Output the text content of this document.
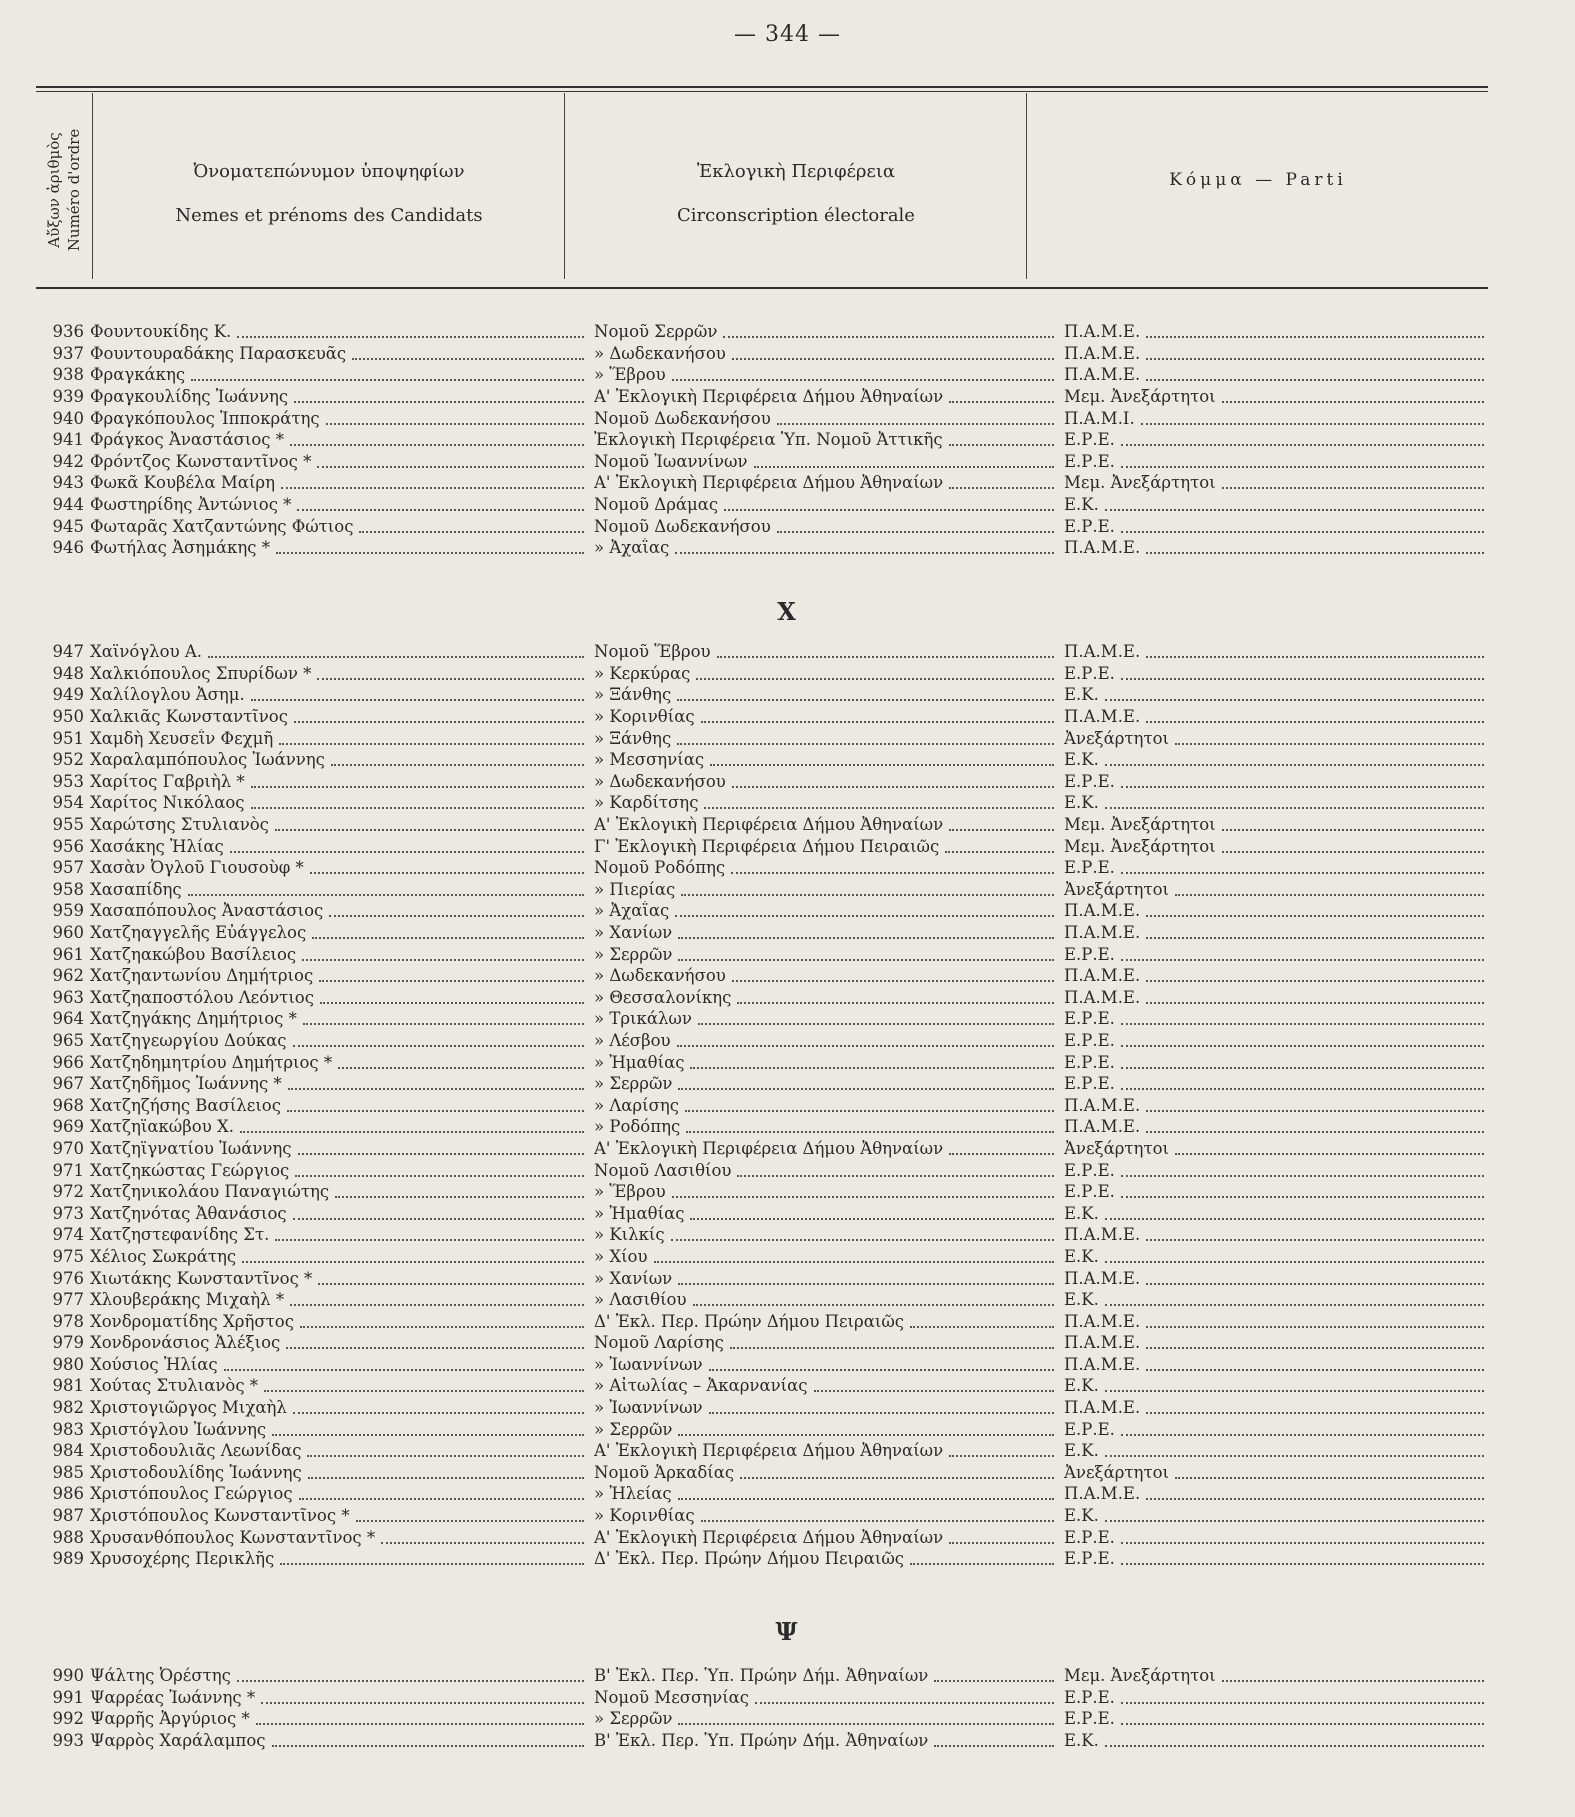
— 344 —
Αὔξων ἀριθμὸς Numéro d'ordre	Ὀνοματεπώνυμον ὑποψηφίων
Nemes et prénoms des Candidats
Ἐκλογικὴ Περιφέρεια
Circonscription électorale
Κόμμα — Parti
936 Φουντουκίδης Κ.	Νομοῦ Σερρῶν	Π.Α.Μ.Ε.
937 Φουντουραδάκης Παρασκευᾶς	» Δωδεκανήσου	Π.Α.Μ.Ε.
938 Φραγκάκης	» Ἕβρου	Π.Α.Μ.Ε.
939 Φραγκουλίδης Ἰωάννης	Α' Ἐκλογικὴ Περιφέρεια Δήμου Ἀθηναίων	Μεμ. Ἀνεξάρτητοι
940 Φραγκόπουλος Ἱπποκράτης	Νομοῦ Δωδεκανήσου	Π.Α.Μ.Ι.
941 Φράγκος Ἀναστάσιος *	Ἐκλογικὴ Περιφέρεια Ὑπ. Νομοῦ Ἀττικῆς	Ε.Ρ.Ε.
942 Φρόντζος Κωνσταντῖνος *	Νομοῦ Ἰωαννίνων	Ε.Ρ.Ε.
943 Φωκᾶ Κουβέλα Μαίρη	Α' Ἐκλογικὴ Περιφέρεια Δήμου Ἀθηναίων	Μεμ. Ἀνεξάρτητοι
944 Φωστηρίδης Ἀντώνιος *	Νομοῦ Δράμας	Ε.Κ.
945 Φωταρᾶς Χατζαντώνης Φώτιος	Νομοῦ Δωδεκανήσου	Ε.Ρ.Ε.
946 Φωτήλας Ἀσημάκης *	» Ἀχαΐας	Π.Α.Μ.Ε.
Χ
947 Χαϊνόγλου Α.	Νομοῦ Ἕβρου	Π.Α.Μ.Ε.
948 Χαλκιόπουλος Σπυρίδων *	» Κερκύρας	Ε.Ρ.Ε.
949 Χαλίλογλου Ἀσημ.	» Ξάνθης	Ε.Κ.
950 Χαλκιᾶς Κωνσταντῖνος	» Κορινθίας	Π.Α.Μ.Ε.
951 Χαμδὴ Χευσεΐν Φεχμῆ	» Ξάνθης	Ἀνεξάρτητοι
952 Χαραλαμπόπουλος Ἰωάννης	» Μεσσηνίας	Ε.Κ.
953 Χαρίτος Γαβριὴλ *	» Δωδεκανήσου	Ε.Ρ.Ε.
954 Χαρίτος Νικόλαος	» Καρδίτσης	Ε.Κ.
955 Χαρώτσης Στυλιανὸς	Α' Ἐκλογικὴ Περιφέρεια Δήμου Ἀθηναίων	Μεμ. Ἀνεξάρτητοι
956 Χασάκης Ἠλίας	Γ' Ἐκλογικὴ Περιφέρεια Δήμου Πειραιῶς	Μεμ. Ἀνεξάρτητοι
957 Χασὰν Ὀγλοῦ Γιουσοὺφ *	Νομοῦ Ροδόπης	Ε.Ρ.Ε.
958 Χασαπίδης	» Πιερίας	Ἀνεξάρτητοι
959 Χασαπόπουλος Ἀναστάσιος	» Ἀχαΐας	Π.Α.Μ.Ε.
960 Χατζηαγγελῆς Εὐάγγελος	» Χανίων	Π.Α.Μ.Ε.
961 Χατζηακώβου Βασίλειος	» Σερρῶν	Ε.Ρ.Ε.
962 Χατζηαντωνίου Δημήτριος	» Δωδεκανήσου	Π.Α.Μ.Ε.
963 Χατζηαποστόλου Λεόντιος	» Θεσσαλονίκης	Π.Α.Μ.Ε.
964 Χατζηγάκης Δημήτριος *	» Τρικάλων	Ε.Ρ.Ε.
965 Χατζηγεωργίου Δούκας	» Λέσβου	Ε.Ρ.Ε.
966 Χατζηδημητρίου Δημήτριος *	» Ἠμαθίας	Ε.Ρ.Ε.
967 Χατζηδῆμος Ἰωάννης *	» Σερρῶν	Ε.Ρ.Ε.
968 Χατζηζήσης Βασίλειος	» Λαρίσης	Π.Α.Μ.Ε.
969 Χατζηϊακώβου Χ.	» Ροδόπης	Π.Α.Μ.Ε.
970 Χατζηϊγνατίου Ἰωάννης	Α' Ἐκλογικὴ Περιφέρεια Δήμου Ἀθηναίων	Ἀνεξάρτητοι
971 Χατζηκώστας Γεώργιος	Νομοῦ Λασιθίου	Ε.Ρ.Ε.
972 Χατζηνικολάου Παναγιώτης	» Ἕβρου	Ε.Ρ.Ε.
973 Χατζηνότας Ἀθανάσιος	» Ἠμαθίας	Ε.Κ.
974 Χατζηστεφανίδης Στ.	» Κιλκίς	Π.Α.Μ.Ε.
975 Χέλιος Σωκράτης	» Χίου	Ε.Κ.
976 Χιωτάκης Κωνσταντῖνος *	» Χανίων	Π.Α.Μ.Ε.
977 Χλουβεράκης Μιχαὴλ *	» Λασιθίου	Ε.Κ.
978 Χονδροματίδης Χρῆστος	Δ' Ἐκλ. Περ. Πρώην Δήμου Πειραιῶς	Π.Α.Μ.Ε.
979 Χονδρονάσιος Ἀλέξιος	Νομοῦ Λαρίσης	Π.Α.Μ.Ε.
980 Χούσιος Ἠλίας	» Ἰωαννίνων	Π.Α.Μ.Ε.
981 Χούτας Στυλιανὸς *	» Αἰτωλίας – Ἀκαρνανίας	Ε.Κ.
982 Χριστογιῶργος Μιχαὴλ	» Ἰωαννίνων	Π.Α.Μ.Ε.
983 Χριστόγλου Ἰωάννης	» Σερρῶν	Ε.Ρ.Ε.
984 Χριστοδουλιᾶς Λεωνίδας	Α' Ἐκλογικὴ Περιφέρεια Δήμου Ἀθηναίων	Ε.Κ.
985 Χριστοδουλίδης Ἰωάννης	Νομοῦ Ἀρκαδίας	Ἀνεξάρτητοι
986 Χριστόπουλος Γεώργιος	» Ἠλείας	Π.Α.Μ.Ε.
987 Χριστόπουλος Κωνσταντῖνος *	» Κορινθίας	Ε.Κ.
988 Χρυσανθόπουλος Κωνσταντῖνος *	Α' Ἐκλογικὴ Περιφέρεια Δήμου Ἀθηναίων	Ε.Ρ.Ε.
989 Χρυσοχέρης Περικλῆς	Δ' Ἐκλ. Περ. Πρώην Δήμου Πειραιῶς	Ε.Ρ.Ε.
Ψ
990 Ψάλτης Ὀρέστης	Β' Ἐκλ. Περ. Ὑπ. Πρώην Δήμ. Ἀθηναίων	Μεμ. Ἀνεξάρτητοι
991 Ψαρρέας Ἰωάννης *	Νομοῦ Μεσσηνίας	Ε.Ρ.Ε.
992 Ψαρρῆς Ἀργύριος *	» Σερρῶν	Ε.Ρ.Ε.
993 Ψαρρὸς Χαράλαμπος	Β' Ἐκλ. Περ. Ὑπ. Πρώην Δήμ. Ἀθηναίων	Ε.Κ.
